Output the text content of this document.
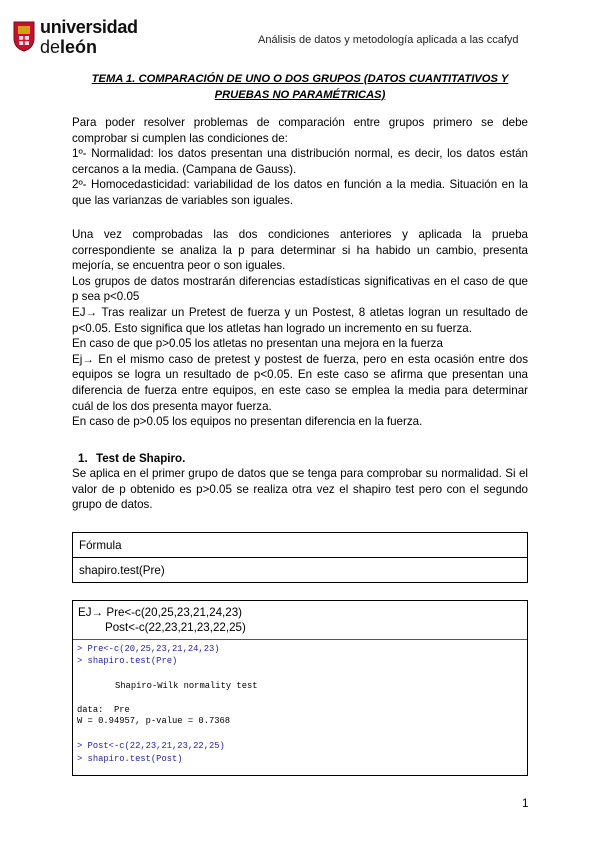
universidad
deleón	Análisis de datos y metodología aplicada a las ccafyd
TEMA 1. COMPARACIÓN DE UNO O DOS GRUPOS (DATOS CUANTITATIVOS Y
PRUEBAS NO PARAMÉTRICAS)

Para poder resolver problemas de comparación entre grupos primero se debe comprobar si cumplen las condiciones de:

1º- Normalidad: los datos presentan una distribución normal, es decir, los datos están cercanos a la media. (Campana de Gauss).

2º- Homocedasticidad: variabilidad de los datos en función a la media. Situación en la que las varianzas de variables son iguales.

Una vez comprobadas las dos condiciones anteriores y aplicada la prueba correspondiente se analiza la p para determinar si ha habido un cambio, presenta mejoría, se encuentra peor o son iguales.

Los grupos de datos mostrarán diferencias estadísticas significativas en el caso de que p sea p<0.05

EJ→ Tras realizar un Pretest de fuerza y un Postest, 8 atletas logran un resultado de p<0.05. Esto significa que los atletas han logrado un incremento en su fuerza.

En caso de que p>0.05 los atletas no presentan una mejora en la fuerza

Ej→ En el mismo caso de pretest y postest de fuerza, pero en esta ocasión entre dos equipos se logra un resultado de p<0.05. En este caso se afirma que presentan una diferencia de fuerza entre equipos, en este caso se emplea la media para determinar cuál de los dos presenta mayor fuerza.

En caso de p>0.05 los equipos no presentan diferencia en la fuerza.

1. Test de Shapiro.

Se aplica en el primer grupo de datos que se tenga para comprobar su normalidad. Si el valor de p obtenido es p>0.05 se realiza otra vez el shapiro test pero con el segundo grupo de datos.

Fórmula
shapiro.test(Pre)
EJ→ Pre<-c(20,25,23,21,24,23)
Post<-c(22,23,21,23,22,25)
> Pre<-c(20,25,23,21,24,23)
> shapiro.test(Pre)
Shapiro-Wilk normality test
data:  Pre
W = 0.94957, p-value = 0.7368
> Post<-c(22,23,21,23,22,25)
> shapiro.test(Post)
1
